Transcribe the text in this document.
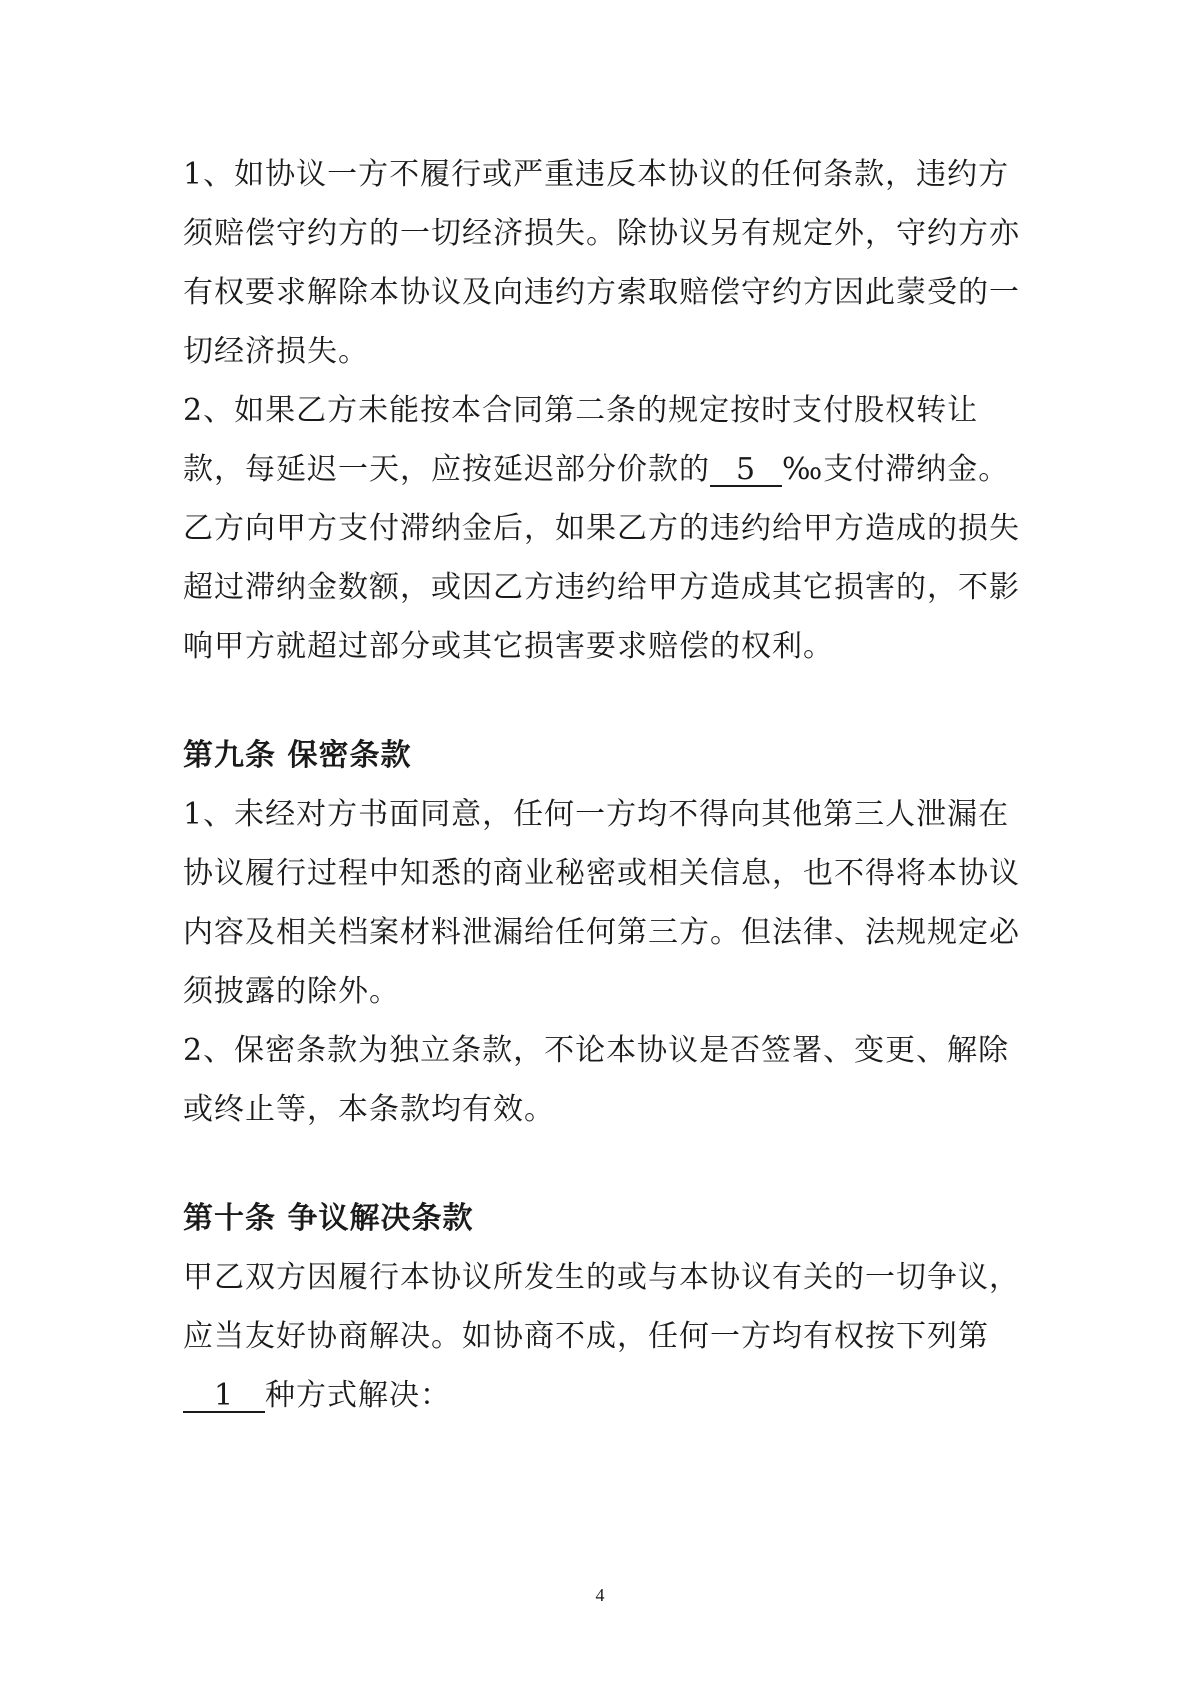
1、如协议一方不履行或严重违反本协议的任何条款，违约方须赔偿守约方的一切经济损失。除协议另有规定外，守约方亦有权要求解除本协议及向违约方索取赔偿守约方因此蒙受的一切经济损失。

2、如果乙方未能按本合同第二条的规定按时支付股权转让款，每延迟一天，应按延迟部分价款的 5 ‰支付滞纳金。乙方向甲方支付滞纳金后，如果乙方的违约给甲方造成的损失超过滞纳金数额，或因乙方违约给甲方造成其它损害的，不影响甲方就超过部分或其它损害要求赔偿的权利。

第九条 保密条款

1、未经对方书面同意，任何一方均不得向其他第三人泄漏在协议履行过程中知悉的商业秘密或相关信息，也不得将本协议内容及相关档案材料泄漏给任何第三方。但法律、法规规定必须披露的除外。

2、保密条款为独立条款，不论本协议是否签署、变更、解除或终止等，本条款均有效。

第十条 争议解决条款

甲乙双方因履行本协议所发生的或与本协议有关的一切争议，应当友好协商解决。如协商不成，任何一方均有权按下列第1 种方式解决：

4
